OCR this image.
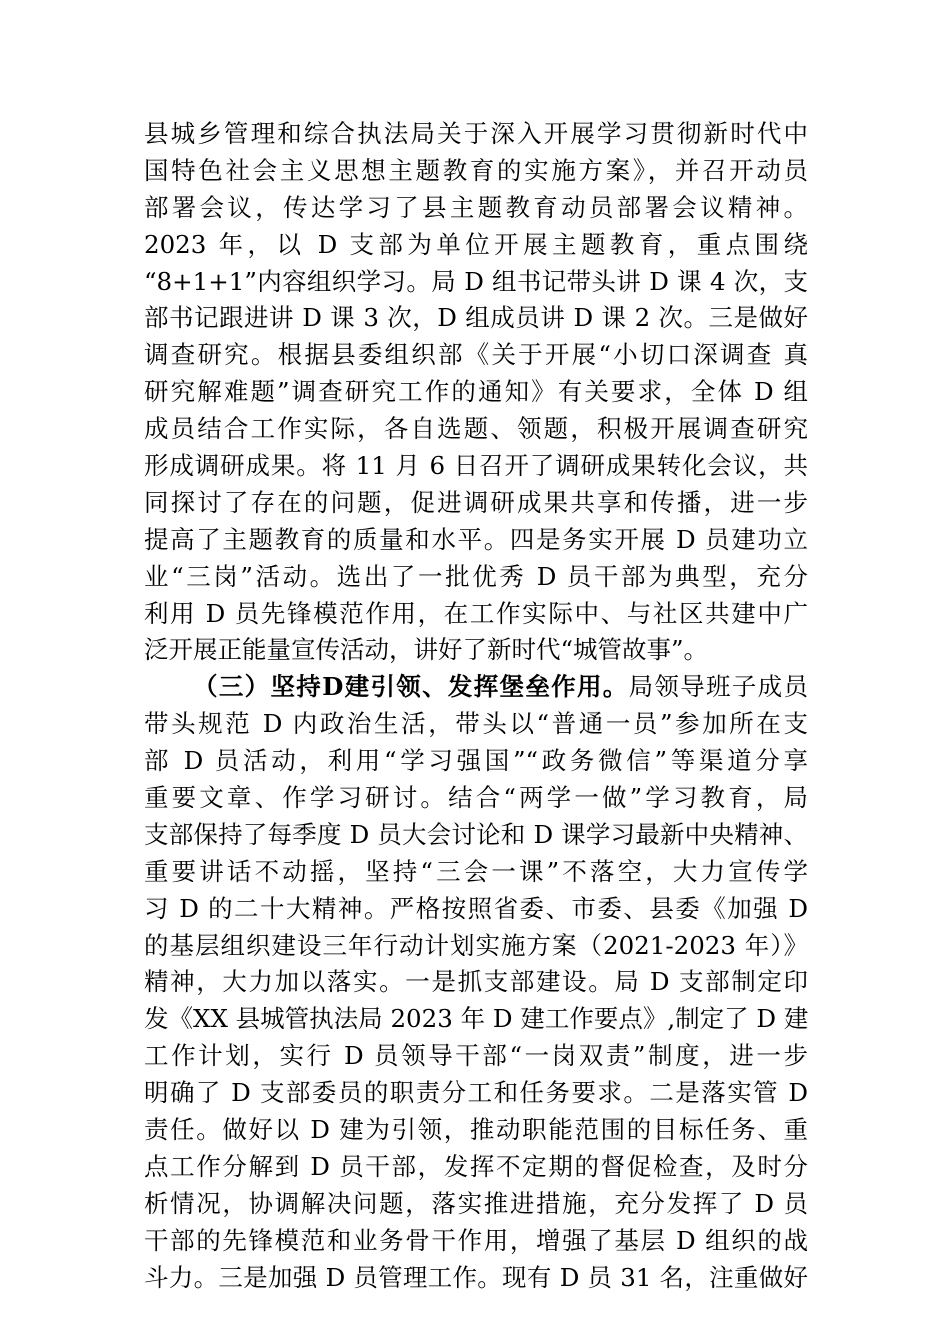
县城乡管理和综合执法局关于深入开展学习贯彻新时代中
国特色社会主义思想主题教育的实施方案》，并召开动员
部署会议，传达学习了县主题教育动员部署会议精神。
2023 年，以 D 支部为单位开展主题教育，重点围绕
“8+1+1”内容组织学习。局 D 组书记带头讲 D 课 4 次，支
部书记跟进讲 D 课 3 次，D 组成员讲 D 课 2 次。三是做好
调查研究。根据县委组织部《关于开展“小切口深调查 真
研究解难题”调查研究工作的通知》有关要求，全体 D 组
成员结合工作实际，各自选题、领题，积极开展调查研究
形成调研成果。将 11 月 6 日召开了调研成果转化会议，共
同探讨了存在的问题，促进调研成果共享和传播，进一步
提高了主题教育的质量和水平。四是务实开展 D 员建功立
业“三岗”活动。选出了一批优秀 D 员干部为典型，充分
利用 D 员先锋模范作用，在工作实际中、与社区共建中广
泛开展正能量宣传活动，讲好了新时代“城管故事”。
（三）坚持D建引领、发挥堡垒作用。局领导班子成员
带头规范 D 内政治生活，带头以“普通一员”参加所在支
部 D 员活动，利用“学习强国”“政务微信”等渠道分享
重要文章、作学习研讨。结合“两学一做”学习教育，局
支部保持了每季度 D 员大会讨论和 D 课学习最新中央精神、
重要讲话不动摇，坚持“三会一课”不落空，大力宣传学
习 D 的二十大精神。严格按照省委、市委、县委《加强 D
的基层组织建设三年行动计划实施方案（2021-2023 年）》
精神，大力加以落实。一是抓支部建设。局 D 支部制定印
发《XX 县城管执法局 2023 年 D 建工作要点》,制定了 D 建
工作计划，实行 D 员领导干部“一岗双责”制度，进一步
明确了 D 支部委员的职责分工和任务要求。二是落实管 D
责任。做好以 D 建为引领，推动职能范围的目标任务、重
点工作分解到 D 员干部，发挥不定期的督促检查，及时分
析情况，协调解决问题，落实推进措施，充分发挥了 D 员
干部的先锋模范和业务骨干作用，增强了基层 D 组织的战
斗力。三是加强 D 员管理工作。现有 D 员 31 名，注重做好
